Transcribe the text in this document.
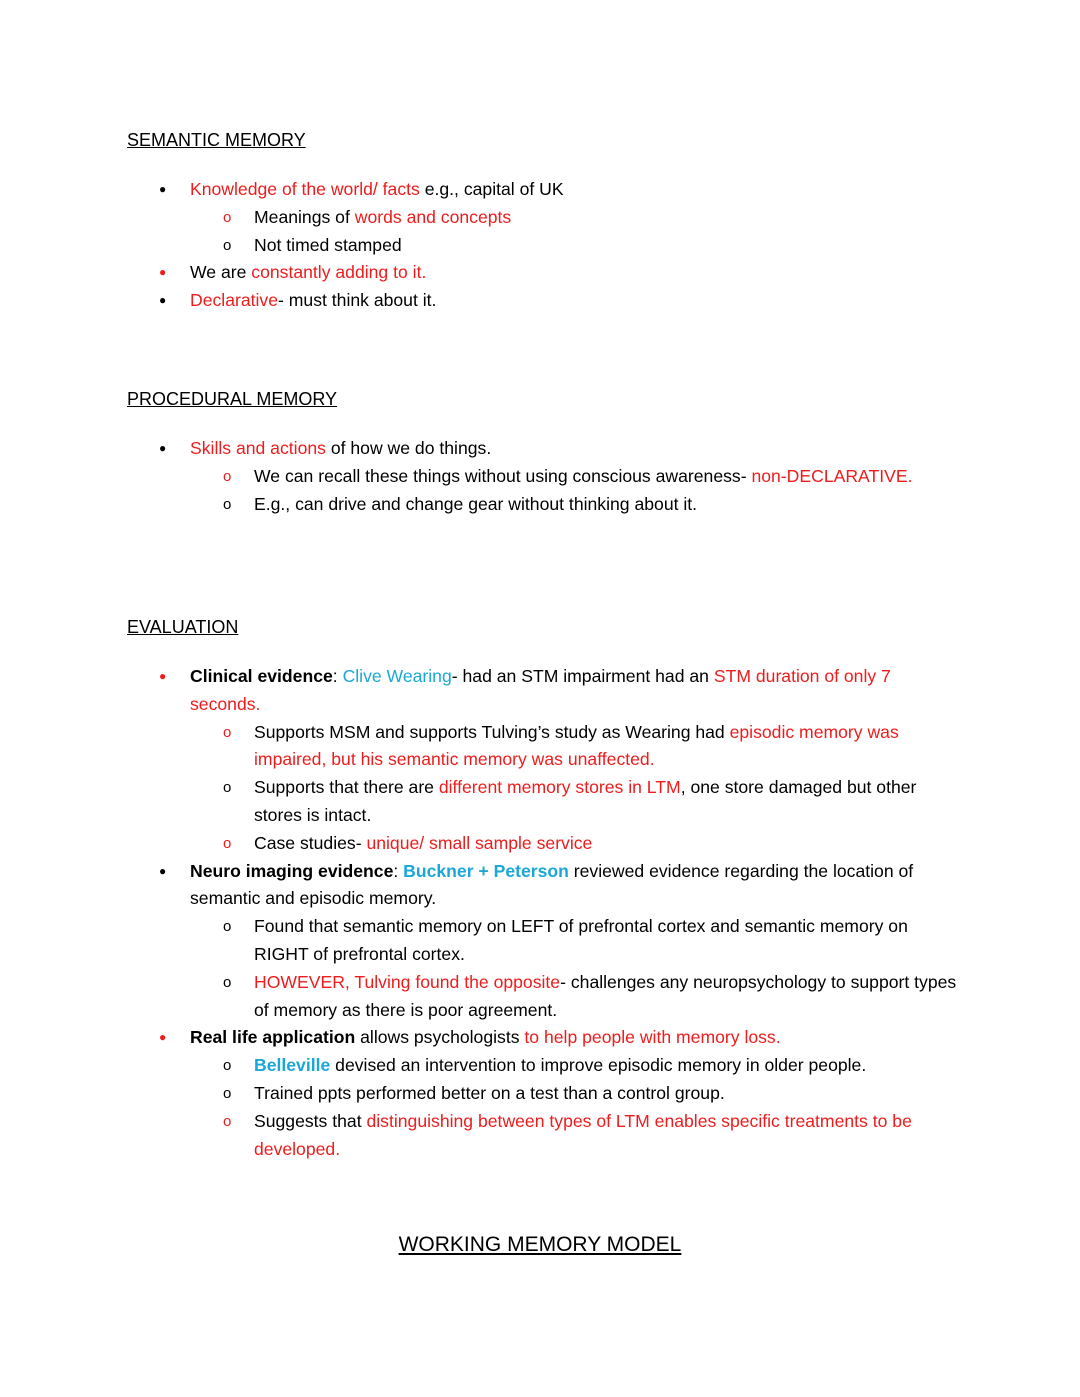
SEMANTIC MEMORY
● Knowledge of the world/ facts e.g., capital of UK
o Meanings of words and concepts
o Not timed stamped
● We are constantly adding to it.
● Declarative- must think about it.
PROCEDURAL MEMORY
● Skills and actions of how we do things.
o We can recall these things without using conscious awareness- non-DECLARATIVE.
o E.g., can drive and change gear without thinking about it.
EVALUATION
● Clinical evidence: Clive Wearing- had an STM impairment had an STM duration of only 7 seconds.
o Supports MSM and supports Tulving’s study as Wearing had episodic memory was impaired, but his semantic memory was unaffected.
o Supports that there are different memory stores in LTM, one store damaged but other stores is intact.
o Case studies- unique/ small sample service
● Neuro imaging evidence: Buckner + Peterson reviewed evidence regarding the location of semantic and episodic memory.
o Found that semantic memory on LEFT of prefrontal cortex and semantic memory on RIGHT of prefrontal cortex.
o HOWEVER, Tulving found the opposite- challenges any neuropsychology to support types of memory as there is poor agreement.
● Real life application allows psychologists to help people with memory loss.
o Belleville devised an intervention to improve episodic memory in older people.
o Trained ppts performed better on a test than a control group.
o Suggests that distinguishing between types of LTM enables specific treatments to be developed.
WORKING MEMORY MODEL
